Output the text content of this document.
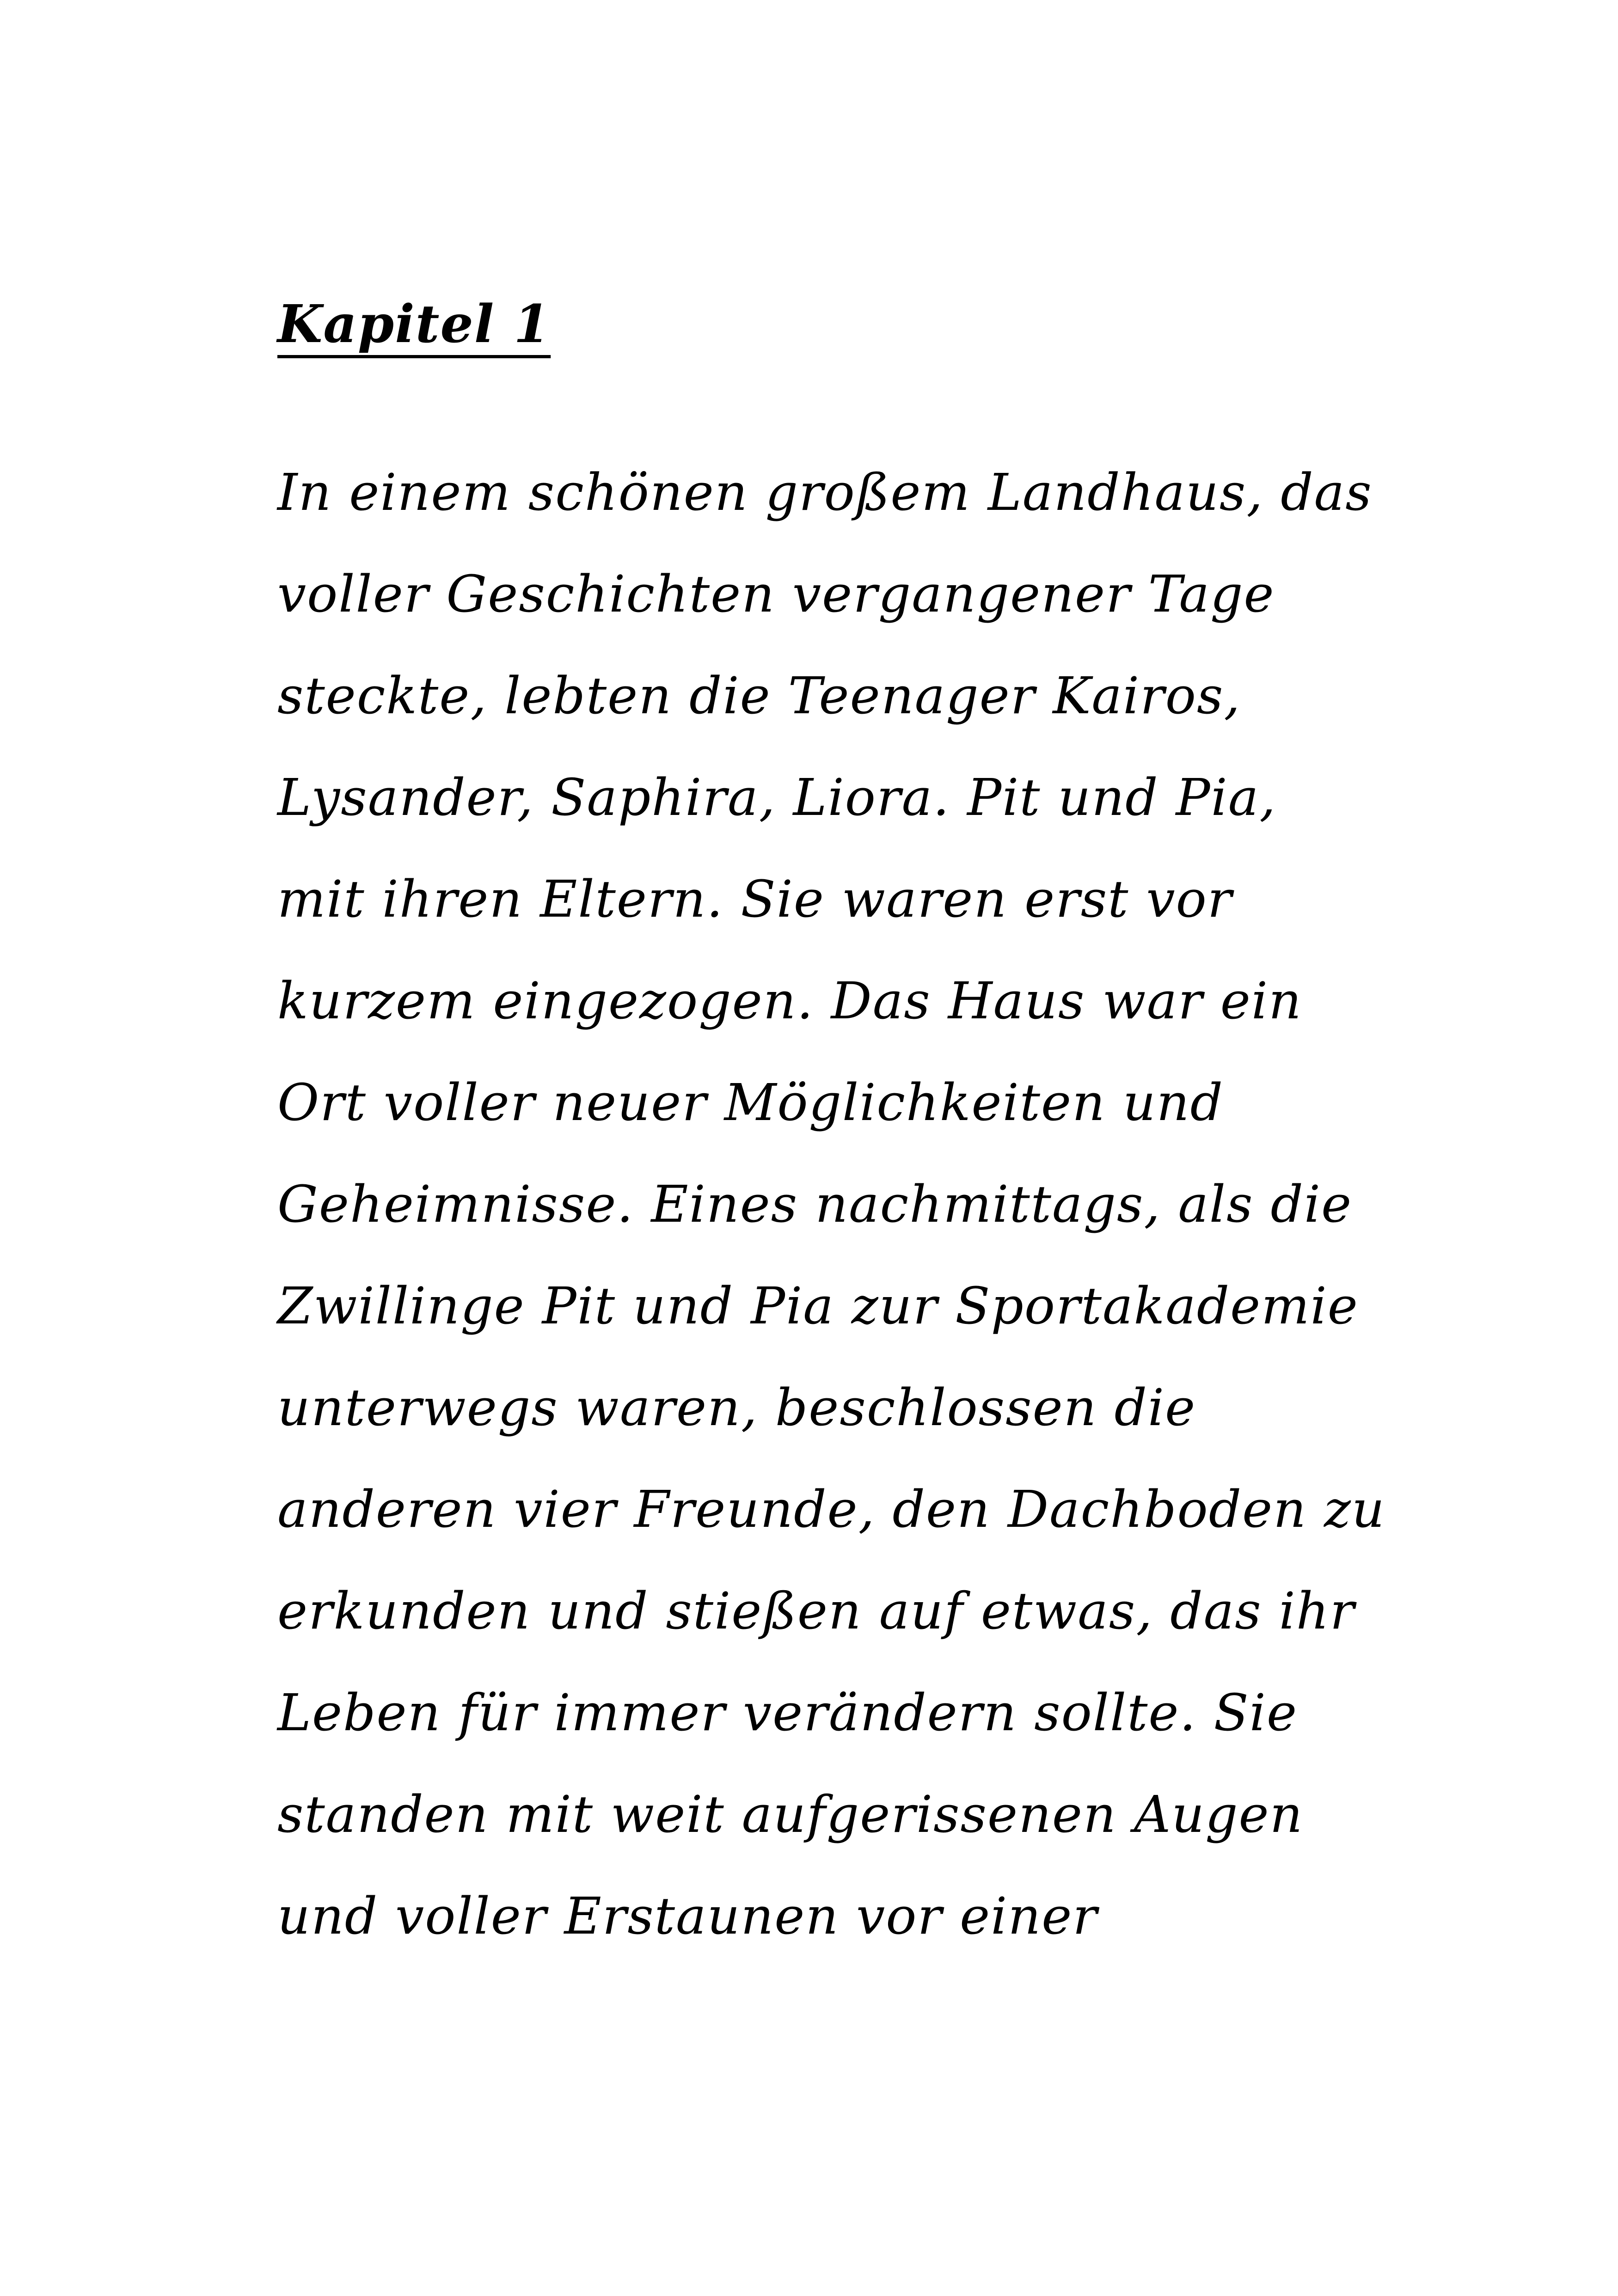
Kapitel 1
In einem schönen großem Landhaus, das
voller Geschichten vergangener Tage
steckte, lebten die Teenager Kairos,
Lysander, Saphira, Liora. Pit und Pia,
mit ihren Eltern. Sie waren erst vor
kurzem eingezogen. Das Haus war ein
Ort voller neuer Möglichkeiten und
Geheimnisse. Eines nachmittags, als die
Zwillinge Pit und Pia zur Sportakademie
unterwegs waren, beschlossen die
anderen vier Freunde, den Dachboden zu
erkunden und stießen auf etwas, das ihr
Leben für immer verändern sollte. Sie
standen mit weit aufgerissenen Augen
und voller Erstaunen vor einer
